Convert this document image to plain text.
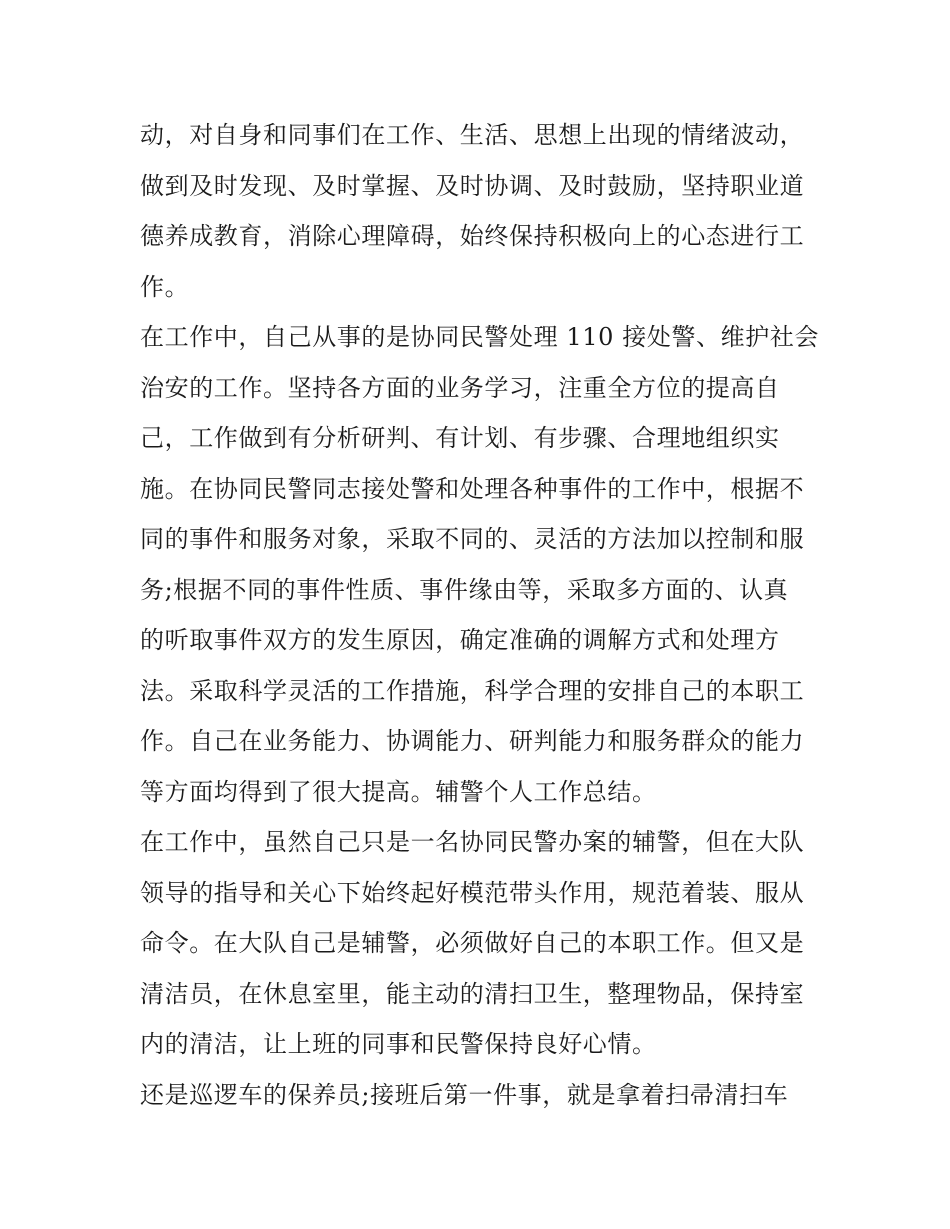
动，对自身和同事们在工作、生活、思想上出现的情绪波动，
做到及时发现、及时掌握、及时协调、及时鼓励，坚持职业道
德养成教育，消除心理障碍，始终保持积极向上的心态进行工
作。

在工作中，自己从事的是协同民警处理 110 接处警、维护社会
治安的工作。坚持各方面的业务学习，注重全方位的提高自
己，工作做到有分析研判、有计划、有步骤、合理地组织实
施。在协同民警同志接处警和处理各种事件的工作中，根据不
同的事件和服务对象，采取不同的、灵活的方法加以控制和服
务;根据不同的事件性质、事件缘由等，采取多方面的、认真
的听取事件双方的发生原因，确定准确的调解方式和处理方
法。采取科学灵活的工作措施，科学合理的安排自己的本职工
作。自己在业务能力、协调能力、研判能力和服务群众的能力
等方面均得到了很大提高。辅警个人工作总结。

在工作中，虽然自己只是一名协同民警办案的辅警，但在大队
领导的指导和关心下始终起好模范带头作用，规范着装、服从
命令。在大队自己是辅警，必须做好自己的本职工作。但又是
清洁员，在休息室里，能主动的清扫卫生，整理物品，保持室
内的清洁，让上班的同事和民警保持良好心情。

还是巡逻车的保养员;接班后第一件事，就是拿着扫帚清扫车
